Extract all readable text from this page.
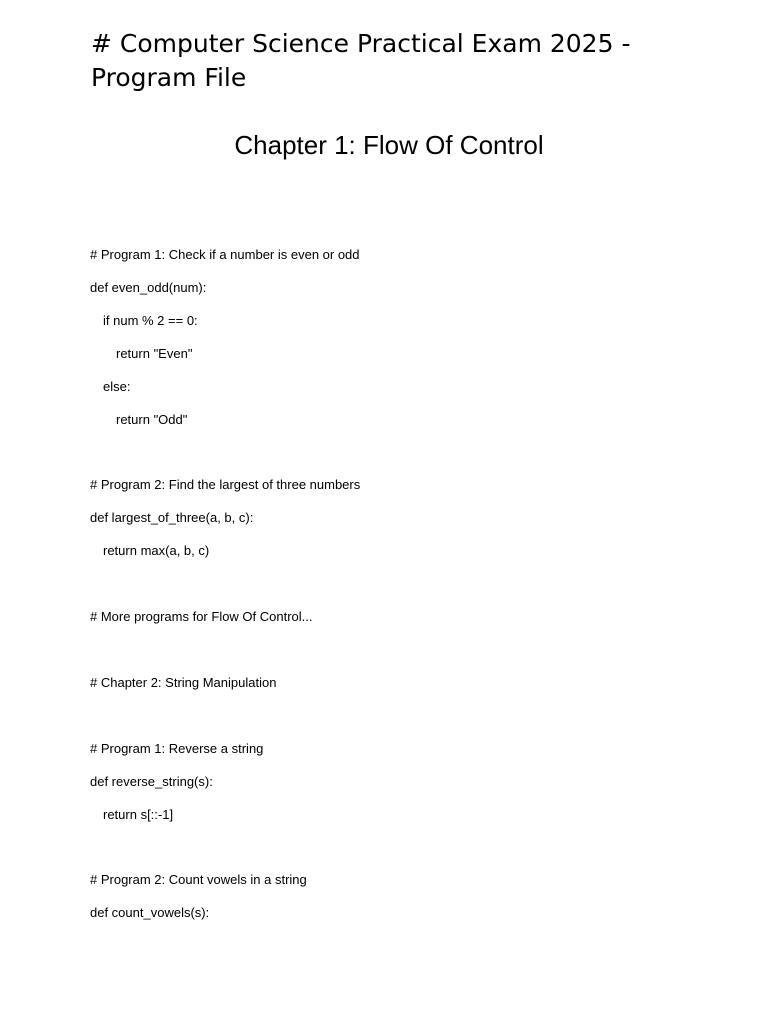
# Computer Science Practical Exam 2025 - Program File
Chapter 1: Flow Of Control

# Program 1: Check if a number is even or odd

def even_odd(num):

if num % 2 == 0:

return "Even"

else:

return "Odd"

# Program 2: Find the largest of three numbers

def largest_of_three(a, b, c):

return max(a, b, c)

# More programs for Flow Of Control...

# Chapter 2: String Manipulation

# Program 1: Reverse a string

def reverse_string(s):

return s[::-1]

# Program 2: Count vowels in a string

def count_vowels(s):
